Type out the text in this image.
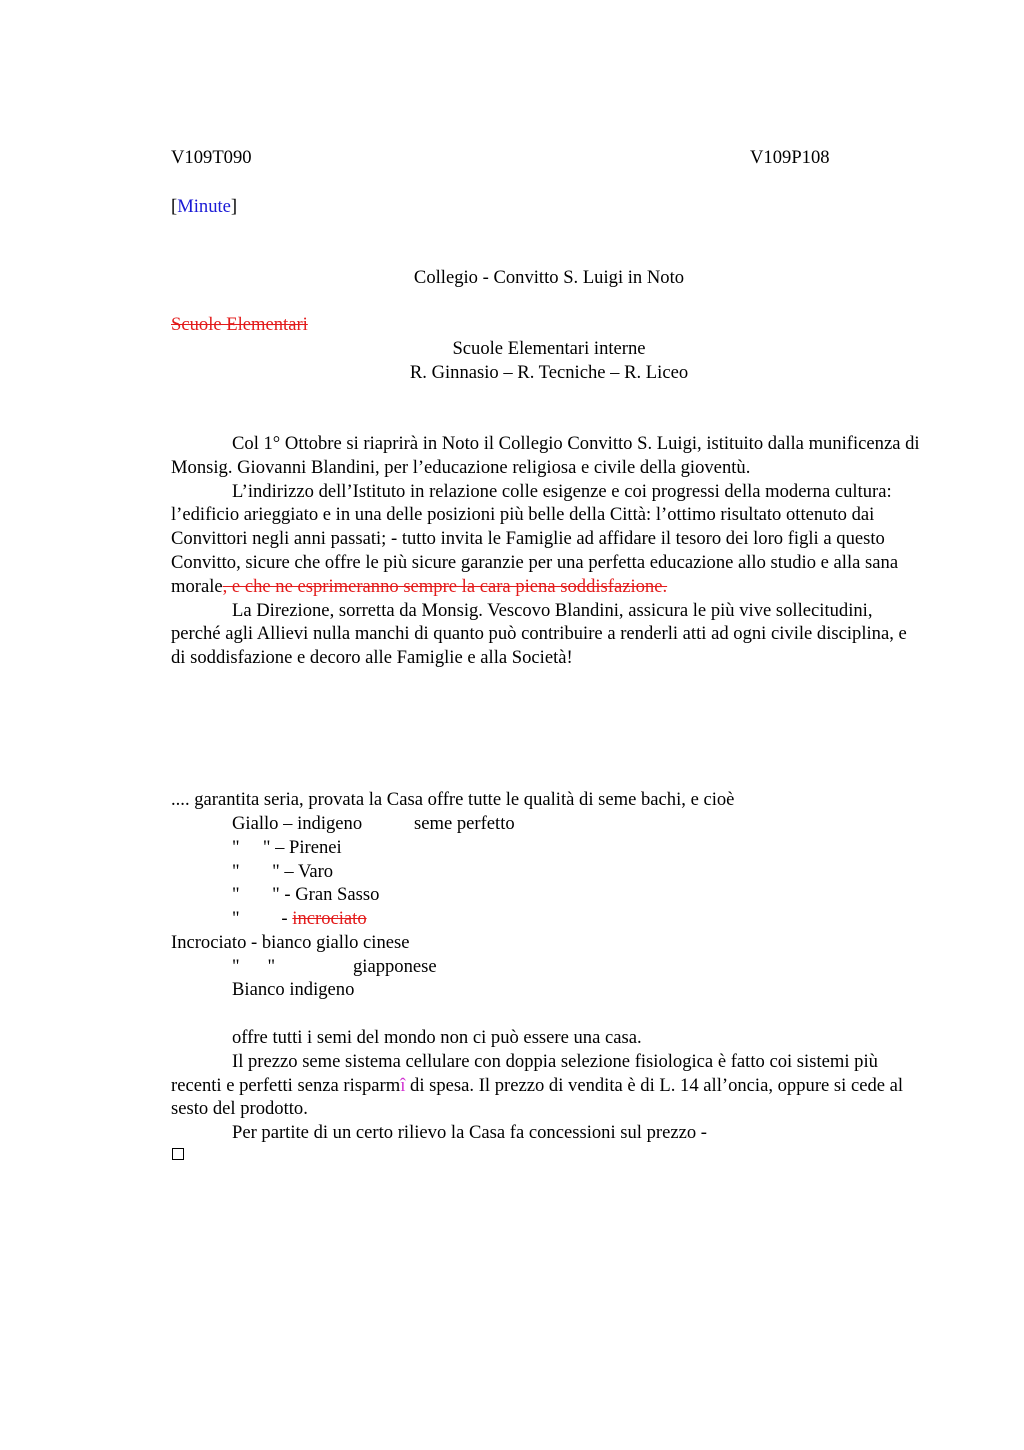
V109T090	V109P108
[Minute]
Collegio - Convitto S. Luigi in Noto
Scuole Elementari
Scuole Elementari interne
R. Ginnasio – R. Tecniche – R. Liceo

Col 1° Ottobre si riaprirà in Noto il Collegio Convitto S. Luigi, istituito dalla munificenza di Monsig. Giovanni Blandini, per l’educazione religiosa e civile della gioventù.

L’indirizzo dell’Istituto in relazione colle esigenze e coi progressi della moderna cultura: l’edificio arieggiato e in una delle posizioni più belle della Città: l’ottimo risultato ottenuto dai Convittori negli anni passati; - tutto invita le Famiglie ad affidare il tesoro dei loro figli a questo Convitto, sicure che offre le più sicure garanzie per una perfetta educazione allo studio e alla sana morale, e che ne esprimeranno sempre la cara piena soddisfazione.

La Direzione, sorretta da Monsig. Vescovo Blandini, assicura le più vive sollecitudini, perché agli Allievi nulla manchi di quanto può contribuire a renderli atti ad ogni civile disciplina, e di soddisfazione e decoro alle Famiglie e alla Società!

.... garantita seria, provata la Casa offre tutte le qualità di seme bachi, e cioè
Giallo – indigeno	seme perfetto
"     " – Pirenei
"       " – Varo
"       " - Gran Sasso
"         - incrociato
Incrociato - bianco giallo cinese
"      "	giapponese
Bianco indigeno

offre tutti i semi del mondo non ci può essere una casa.

Il prezzo seme sistema cellulare con doppia selezione fisiologica è fatto coi sistemi più recenti e perfetti senza risparmî di spesa. Il prezzo di vendita è di L. 14 all’oncia, oppure si cede al sesto del prodotto.

Per partite di un certo rilievo la Casa fa concessioni sul prezzo -
